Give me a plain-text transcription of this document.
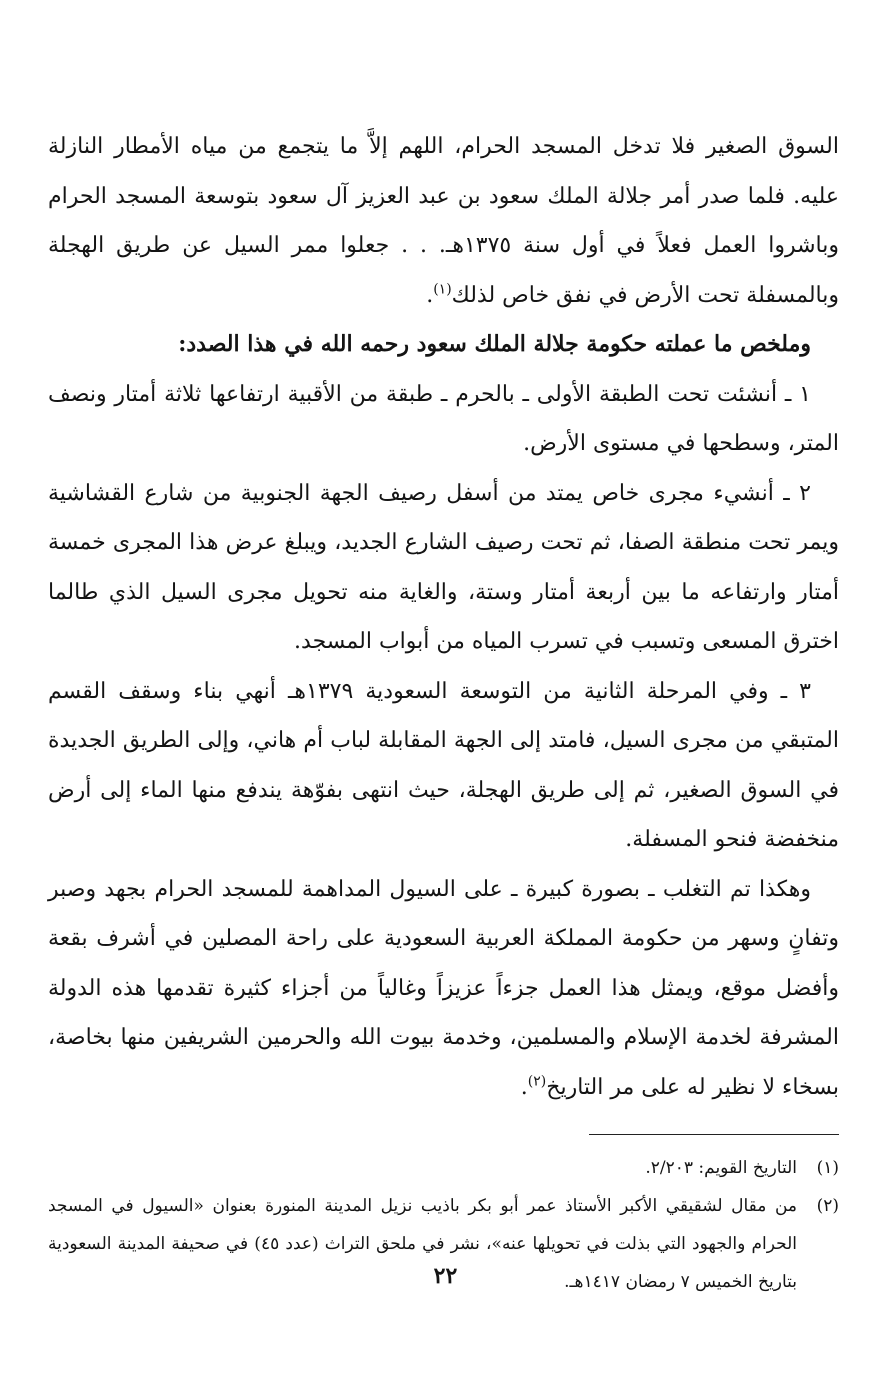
السوق الصغير فلا تدخل المسجد الحرام، اللهم إلاَّ ما يتجمع من مياه الأمطار النازلة عليه. فلما صدر أمر جلالة الملك سعود بن عبد العزيز آل سعود بتوسعة المسجد الحرام وباشروا العمل فعلاً في أول سنة ١٣٧٥هـ. . . جعلوا ممر السيل عن طريق الهجلة وبالمسفلة تحت الأرض في نفق خاص لذلك$^{(١)}$.

وملخص ما عملته حكومة جلالة الملك سعود رحمه الله في هذا الصدد:

١ ـ أنشئت تحت الطبقة الأولى ـ بالحرم ـ طبقة من الأقبية ارتفاعها ثلاثة أمتار ونصف المتر، وسطحها في مستوى الأرض.

٢ ـ أنشيء مجرى خاص يمتد من أسفل رصيف الجهة الجنوبية من شارع القشاشية ويمر تحت منطقة الصفا، ثم تحت رصيف الشارع الجديد، ويبلغ عرض هذا المجرى خمسة أمتار وارتفاعه ما بين أربعة أمتار وستة، والغاية منه تحويل مجرى السيل الذي طالما اخترق المسعى وتسبب في تسرب المياه من أبواب المسجد.

٣ ـ وفي المرحلة الثانية من التوسعة السعودية ١٣٧٩هـ أنهي بناء وسقف القسم المتبقي من مجرى السيل، فامتد إلى الجهة المقابلة لباب أم هاني، وإلى الطريق الجديدة في السوق الصغير، ثم إلى طريق الهجلة، حيث انتهى بفوّهة يندفع منها الماء إلى أرض منخفضة فنحو المسفلة.

وهكذا تم التغلب ـ بصورة كبيرة ـ على السيول المداهمة للمسجد الحرام بجهد وصبر وتفانٍ وسهر من حكومة المملكة العربية السعودية على راحة المصلين في أشرف بقعة وأفضل موقع، ويمثل هذا العمل جزءاً عزيزاً وغالياً من أجزاء كثيرة تقدمها هذه الدولة المشرفة لخدمة الإسلام والمسلمين، وخدمة بيوت الله والحرمين الشريفين منها بخاصة، بسخاء لا نظير له على مر التاريخ$^{(٢)}$.

(١)
التاريخ القويم: ٢/٢٠٣.
(٢)
من مقال لشقيقي الأكبر الأستاذ عمر أبو بكر باذيب نزيل المدينة المنورة بعنوان «السيول في المسجد الحرام والجهود التي بذلت في تحويلها عنه»، نشر في ملحق التراث (عدد ٤٥) في صحيفة المدينة السعودية بتاريخ الخميس ٧ رمضان ١٤١٧هـ.
٢٢
